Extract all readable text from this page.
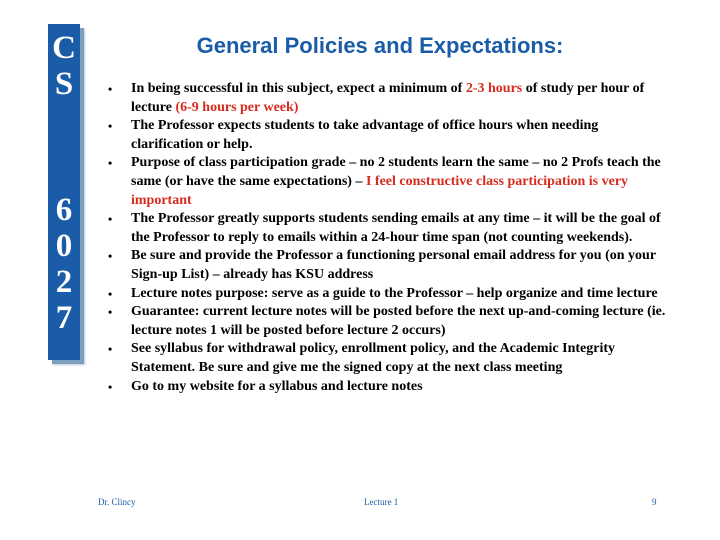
C
S
6
0
2
7
General Policies and Expectations:
• In being successful in this subject, expect a minimum of 2-3 hours of study per hour of lecture (6-9 hours per week)
• The Professor expects students to take advantage of office hours when needing clarification or help.
• Purpose of class participation grade – no 2 students learn the same – no 2 Profs teach the same (or have the same expectations) – I feel constructive class participation is very important
• The Professor greatly supports students sending emails at any time – it will be the goal of the Professor to reply to emails within a 24-hour time span (not counting weekends).
• Be sure and provide the Professor a functioning personal email address for you (on your Sign-up List) – already has KSU address
• Lecture notes purpose: serve as a guide to the Professor – help organize and time lecture
• Guarantee: current lecture notes will be posted before the next up-and-coming lecture (ie. lecture notes 1 will be posted before lecture 2 occurs)
• See syllabus for withdrawal policy, enrollment policy, and the Academic Integrity Statement. Be sure and give me the signed copy at the next class meeting
• Go to my website for a syllabus and lecture notes
Dr. Clincy	Lecture 1	9
